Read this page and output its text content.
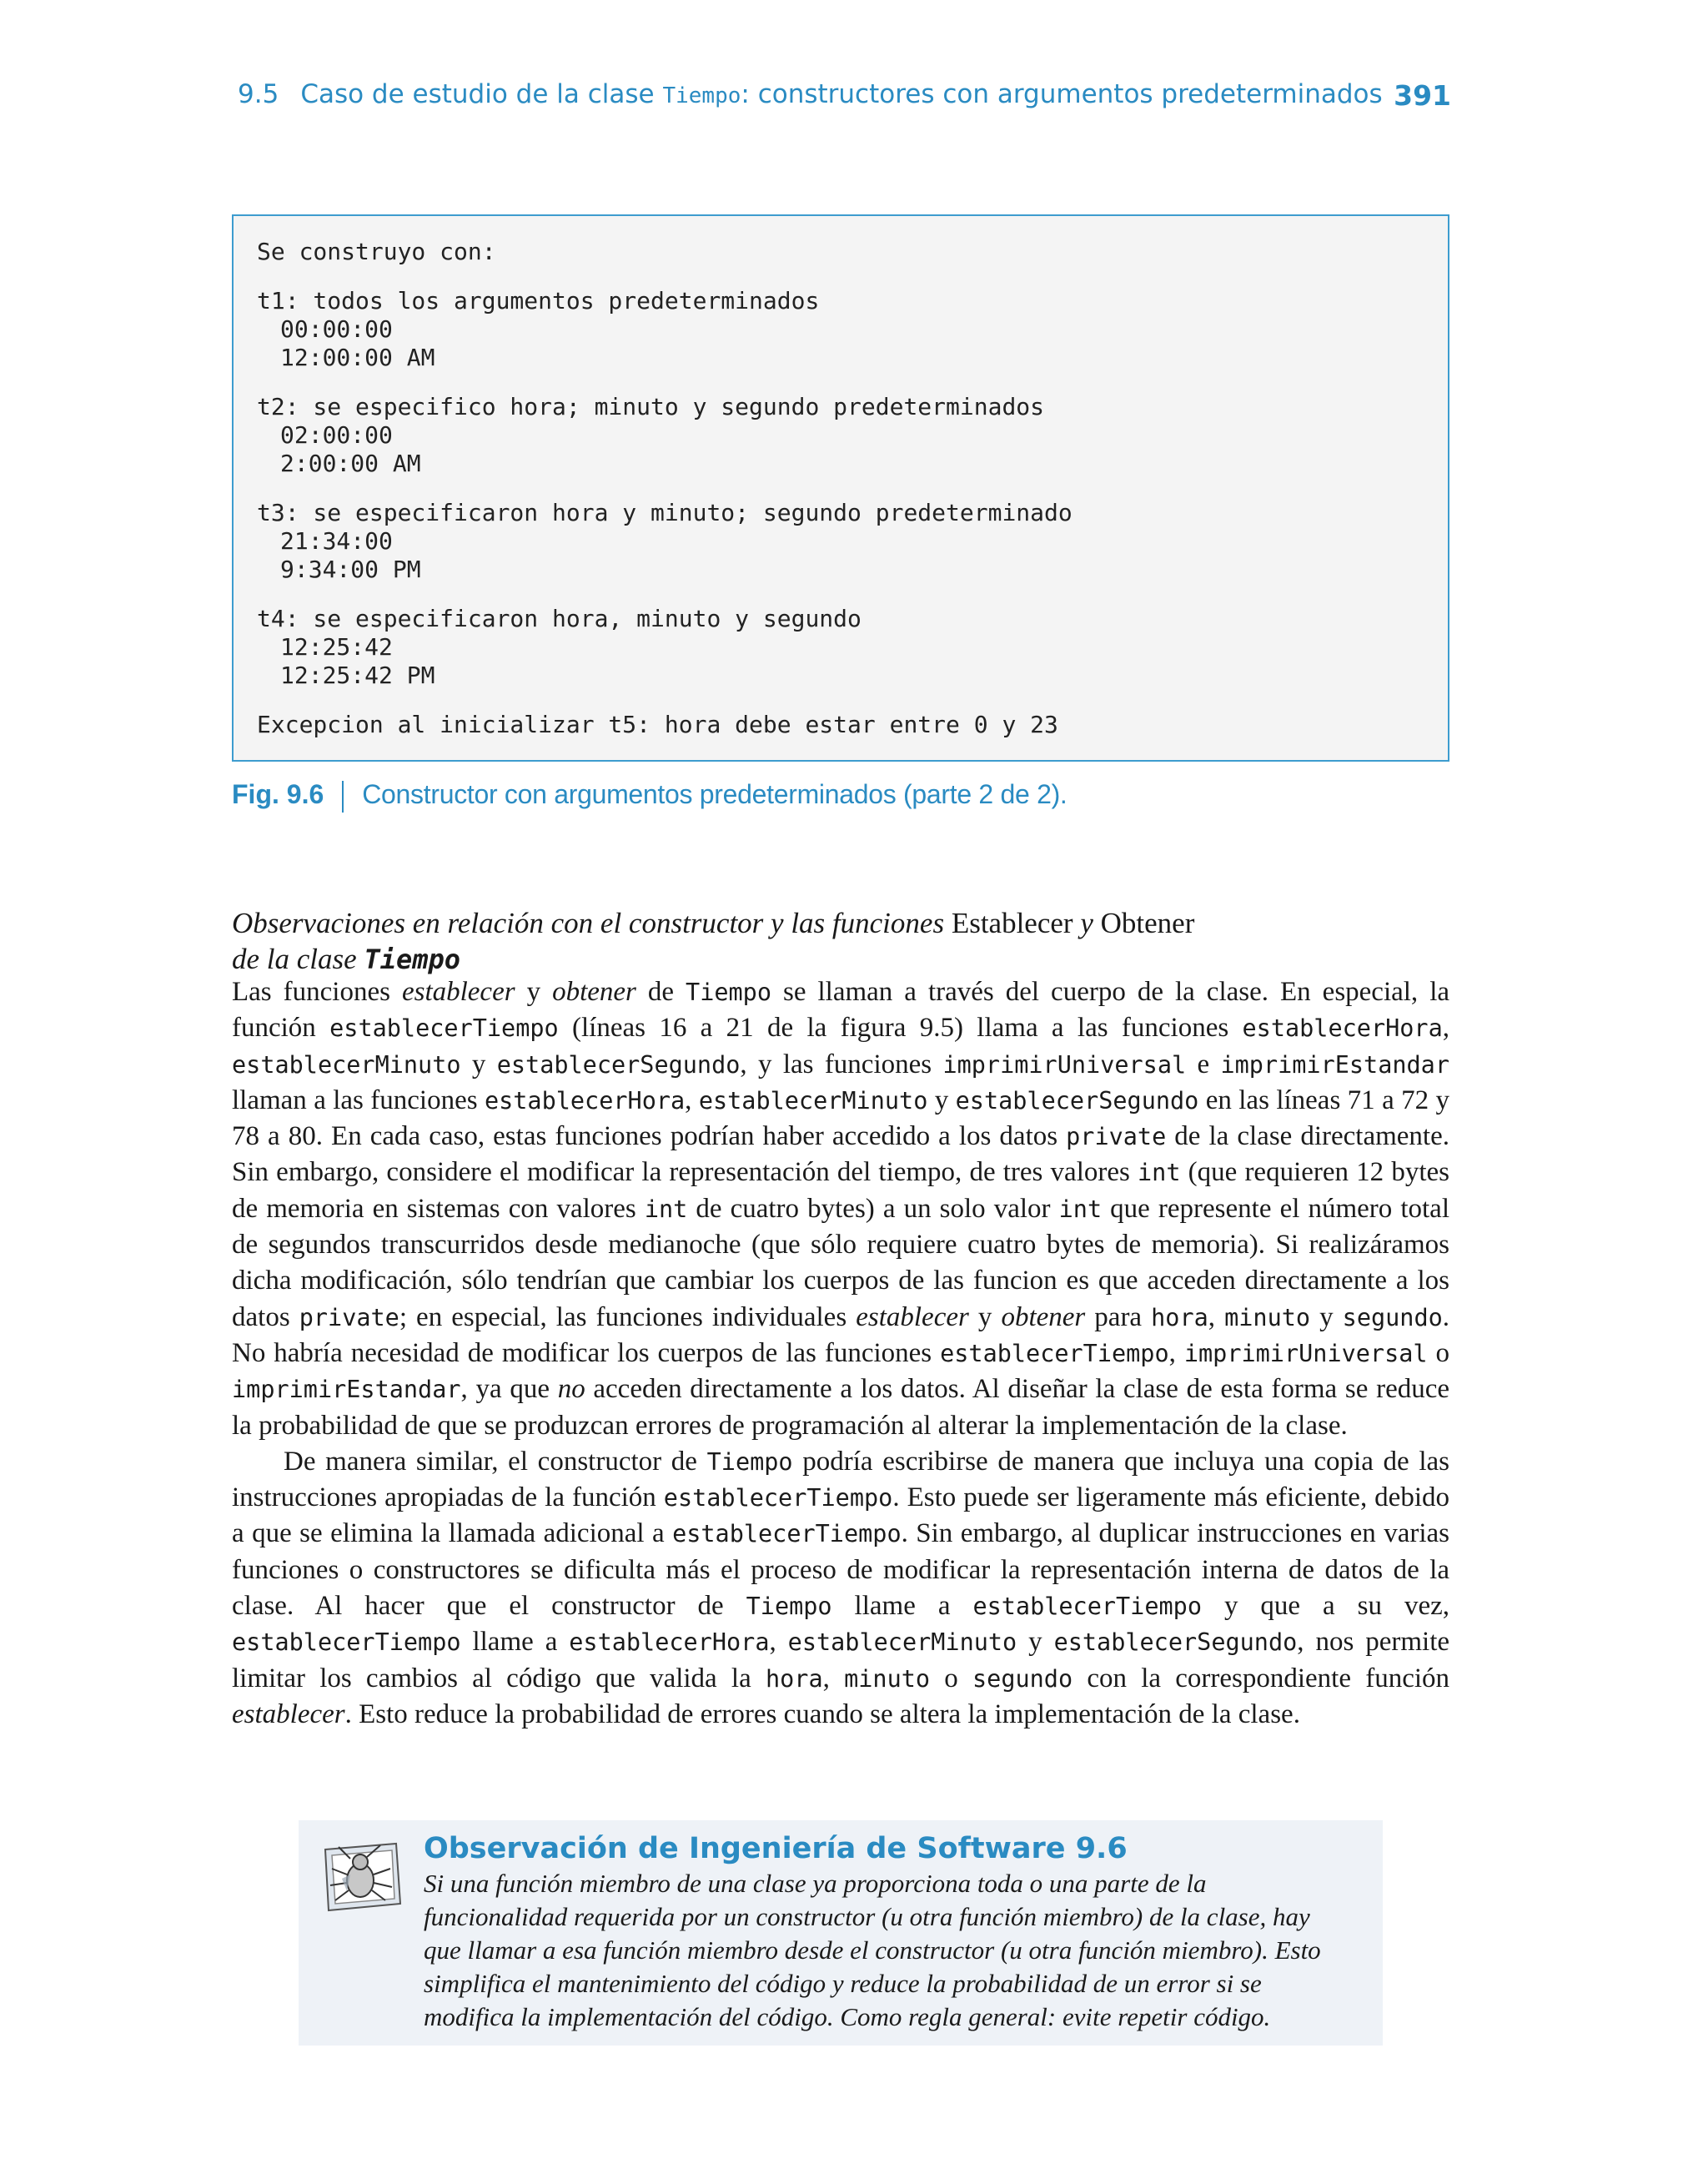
9.5 Caso de estudio de la clase Tiempo: constructores con argumentos predeterminados 391
Se construyo con:
t1: todos los argumentos predeterminados
00:00:00
12:00:00 AM
t2: se especifico hora; minuto y segundo predeterminados
02:00:00
2:00:00 AM
t3: se especificaron hora y minuto; segundo predeterminado
21:34:00
9:34:00 PM
t4: se especificaron hora, minuto y segundo
12:25:42
12:25:42 PM
Excepcion al inicializar t5: hora debe estar entre 0 y 23
Fig. 9.6 Constructor con argumentos predeterminados (parte 2 de 2).
Observaciones en relación con el constructor y las funciones Establecer y Obtener
de la clase Tiempo

Las funciones establecer y obtener de Tiempo se llaman a través del cuerpo de la clase. En especial, la función establecerTiempo (líneas 16 a 21 de la figura 9.5) llama a las funciones establecerHora, establecerMinuto y establecerSegundo, y las funciones imprimirUniversal e imprimirEstandar llaman a las funciones establecerHora, establecerMinuto y establecerSegundo en las líneas 71 a 72 y 78 a 80. En cada caso, estas funciones podrían haber accedido a los datos private de la clase directamente. Sin embargo, considere el modificar la representación del tiempo, de tres valores int (que requieren 12 bytes de memoria en sistemas con valores int de cuatro bytes) a un solo valor int que represente el número total de segundos transcurridos desde medianoche (que sólo requiere cuatro bytes de memoria). Si realizáramos dicha modificación, sólo tendrían que cambiar los cuerpos de las funcion es que acceden directamente a los datos private; en especial, las funciones individuales establecer y obtener para hora, minuto y segundo. No habría necesidad de modificar los cuerpos de las funciones establecerTiempo, imprimirUniversal o imprimirEstandar, ya que no acceden directamente a los datos. Al diseñar la clase de esta forma se reduce la probabilidad de que se produzcan errores de programación al alterar la implementación de la clase.

De manera similar, el constructor de Tiempo podría escribirse de manera que incluya una copia de las instrucciones apropiadas de la función establecerTiempo. Esto puede ser ligeramente más eficiente, debido a que se elimina la llamada adicional a establecerTiempo. Sin embargo, al duplicar instrucciones en varias funciones o constructores se dificulta más el proceso de modificar la representación interna de datos de la clase. Al hacer que el constructor de Tiempo llame a establecerTiempo y que a su vez, establecerTiempo llame a establecerHora, establecerMinuto y establecerSegundo, nos permite limitar los cambios al código que valida la hora, minuto o segundo con la correspondiente función establecer. Esto reduce la probabilidad de errores cuando se altera la implementación de la clase.

Observación de Ingeniería de Software 9.6
Si una función miembro de una clase ya proporciona toda o una parte de la funcionalidad requerida por un constructor (u otra función miembro) de la clase, hay que llamar a esa función miembro desde el constructor (u otra función miembro). Esto simplifica el mantenimiento del código y reduce la probabilidad de un error si se modifica la implementación del código. Como regla general: evite repetir código.
